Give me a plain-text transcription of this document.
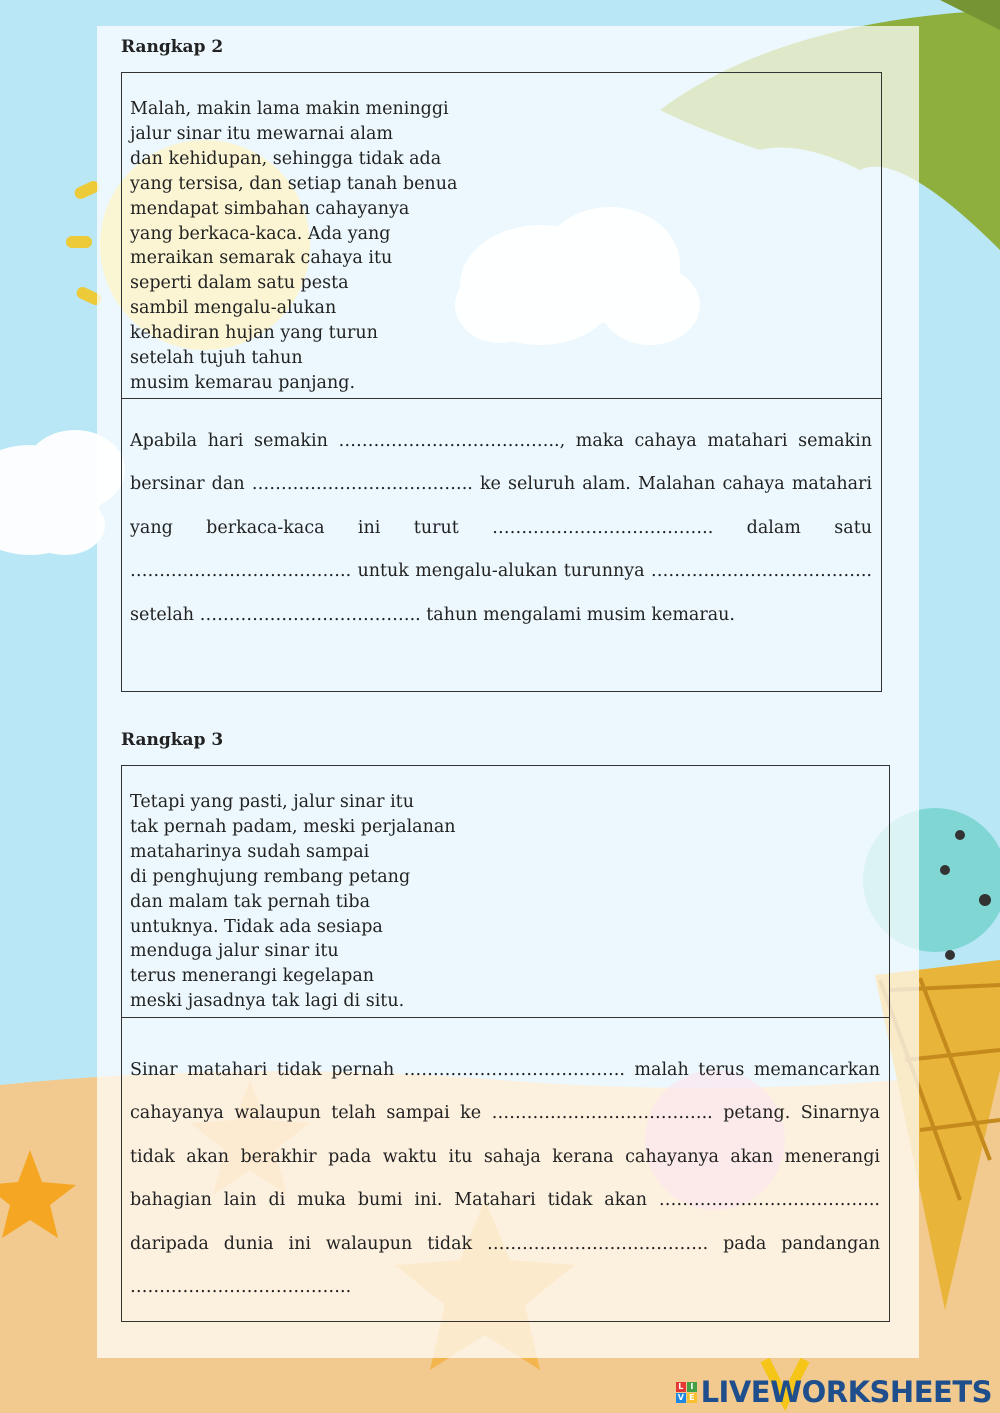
Rangkap 2
Malah, makin lama makin meninggi
jalur sinar itu mewarnai alam
dan kehidupan, sehingga tidak ada
yang tersisa, dan setiap tanah benua
mendapat simbahan cahayanya
yang berkaca-kaca. Ada yang
meraikan semarak cahaya itu
seperti dalam satu pesta
sambil mengalu-alukan
kehadiran hujan yang turun
setelah tujuh tahun
musim kemarau panjang.
Apabila hari semakin ……………………………….., maka cahaya matahari semakin bersinar dan ……………………………….. ke seluruh alam. Malahan cahaya matahari yang berkaca-kaca ini turut ……………………………….. dalam satu ……………………………….. untuk mengalu-alukan turunnya ……………………………….. setelah ……………………………….. tahun mengalami musim kemarau.
Rangkap 3
Tetapi yang pasti, jalur sinar itu
tak pernah padam, meski perjalanan
mataharinya sudah sampai
di penghujung rembang petang
dan malam tak pernah tiba
untuknya. Tidak ada sesiapa
menduga jalur sinar itu
terus menerangi kegelapan
meski jasadnya tak lagi di situ.
Sinar matahari tidak pernah ……………………………….. malah terus memancarkan cahayanya walaupun telah sampai ke ……………………………….. petang. Sinarnya tidak akan berakhir pada waktu itu sahaja kerana cahayanya akan menerangi bahagian lain di muka bumi ini. Matahari tidak akan ……………………………….. daripada dunia ini walaupun tidak ……………………………….. pada pandangan ………………………………..
L I
V E LIVEWORKSHEETS
